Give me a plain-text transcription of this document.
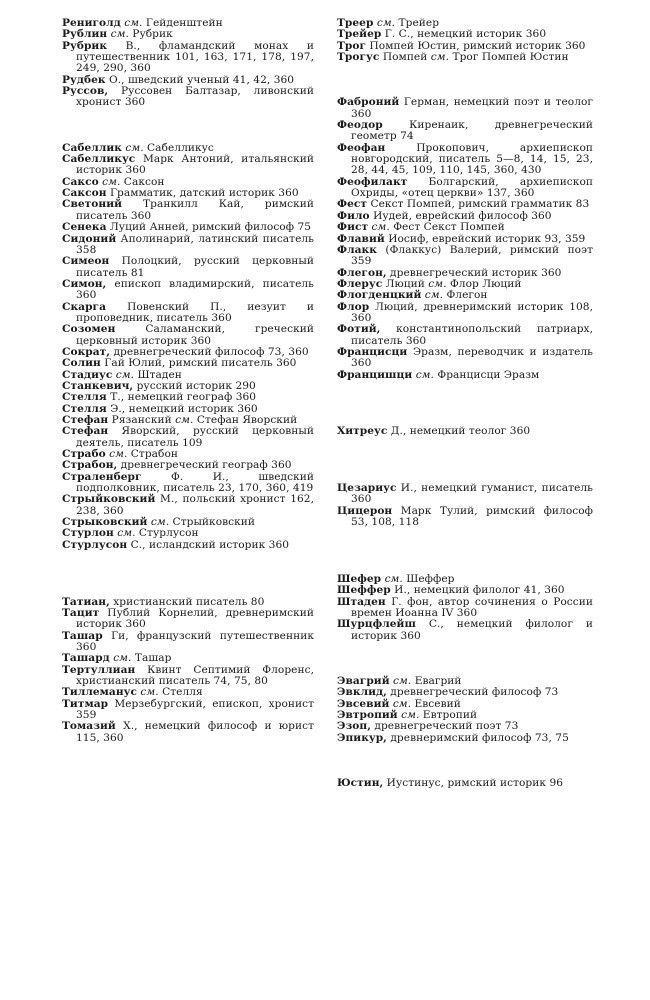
Рениголд см. Гейденштейн

Рублин см. Рубрик

Рубрик В., фламандский монах и путешественник 101, 163, 171, 178, 197, 249, 290, 360

Рудбек О., шведский ученый 41, 42, 360

Руссов, Руссовен Балтазар, ливонский хронист 360

Сабеллик см. Сабелликус

Сабелликус Марк Антоний, итальянский историк 360

Саксо см. Саксон

Саксон Грамматик, датский историк 360

Светоний Транкилл Кай, римский писатель 360

Сенека Луций Анней, римский философ 75

Сидоний Аполинарий, латинский писатель 358

Симеон Полоцкий, русский церковный писатель 81

Симон, епископ владимирский, писатель 360

Скарга Повенский П., иезуит и проповедник, писатель 360

Созомен	Саламанский, греческий церковный историк 360

Сократ, древнегреческий философ 73, 360

Солин Гай Юлий, римский писатель 360

Стадиус см. Штаден

Станкевич, русский историк 290

Стелля Т., немецкий географ 360

Стелля Э., немецкий историк 360

Стефан Рязанский см. Стефан Яворский

Стефан Яворский, русский церковный деятель, писатель 109

Страбо см. Страбон

Страбон, древнегреческий географ 360

Страленберг	Ф. И., шведский подполковник, писатель 23, 170, 360, 419

Стрыйковский М., польский хронист 162, 238, 360

Стрыковский см. Стрыйковский

Стурлон см. Стурлусон

Стурлусон С., исландский историк 360

Татиан, христианский писатель 80

Тацит Публий Корнелий, древнеримский историк 360

Ташар Ги, французский путешественник 360

Ташард см. Ташар

Тертуллиан Квинт Септимий Флоренс, христианский писатель 74, 75, 80

Тиллеманус см. Стелля

Титмар Мерзебургский, епископ, хронист 359

Томазий Х., немецкий философ и юрист 115, 360

Треер см. Трейер

Трейер Г. С., немецкий историк 360

Трог Помпей Юстин, римский историк 360

Трогус Помпей см. Трог Помпей Юстин

Фаброний Герман, немецкий поэт и теолог 360

Феодор Киренаик, древнегреческий геометр 74

Феофан	Прокопович, архиепископ новгородский, писатель 5—8, 14, 15, 23, 28, 44, 45, 109, 110, 145, 360, 430

Феофилакт Болгарский, архиепископ Охриды, «отец церкви» 137, 360

Фест Секст Помпей, римский грамматик 83

Фило Иудей, еврейский философ 360

Фист см. Фест Секст Помпей

Флавий Иосиф, еврейский историк 93, 359

Флакк (Флаккус) Валерий, римский поэт 359

Флегон, древнегреческий историк 360

Флерус Люций см. Флор Люций

Флогденцкий см. Флегон

Флор Люций, древнеримский историк 108, 360

Фотий, константинопольский патриарх, писатель 360

Францисци Эразм, переводчик и издатель 360

Францишци см. Францисци Эразм

Хитреус Д., немецкий теолог 360

Цезариус И., немецкий гуманист, писатель 360

Цицерон Марк Тулий, римский философ 53, 108, 118

Шефер см. Шеффер

Шеффер И., немецкий филолог 41, 360

Штаден Г. фон, автор сочинения о России времен Иоанна IV 360

Шурцфлейш С., немецкий филолог и историк 360

Эвагрий см. Евагрий

Эвклид, древнегреческий философ 73

Эвсевий см. Евсевий

Эвтропий см. Евтропий

Эзоп, древнегреческий поэт 73

Эпикур, древнеримский философ 73, 75

Юстин, Иустинус, римский историк 96
